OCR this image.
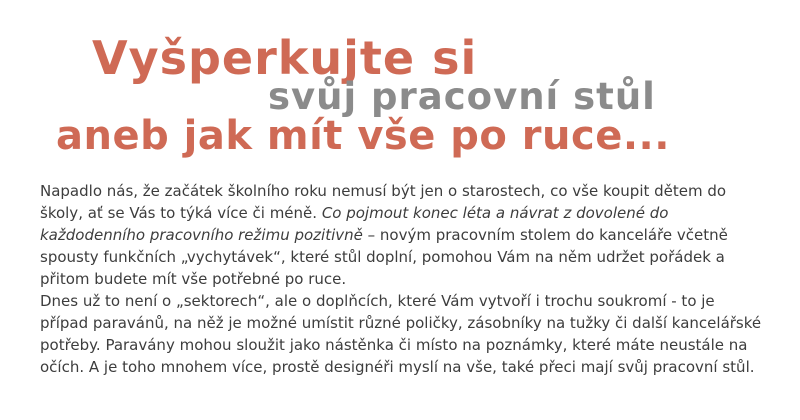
Vyšperkujte si
svůj pracovní stůl
aneb jak mít vše po ruce...

Napadlo nás, že začátek školního roku nemusí být jen o starostech, co vše koupit dětem do školy, ať se Vás to týká více či méně. Co pojmout konec léta a návrat z dovolené do každodenního pracovního režimu pozitivně – novým pracovním stolem do kanceláře včetně spousty funkčních „vychytávek“, které stůl doplní, pomohou Vám na něm udržet pořádek a přitom budete mít vše potřebné po ruce.

Dnes už to není o „sektorech“, ale o doplňcích, které Vám vytvoří i trochu soukromí - to je případ paravánů, na něž je možné umístit různé poličky, zásobníky na tužky či další kancelářské potřeby. Paravány mohou sloužit jako nástěnka či místo na poznámky, které máte neustále na očích. A je toho mnohem více, prostě designéři myslí na vše, také přeci mají svůj pracovní stůl.
